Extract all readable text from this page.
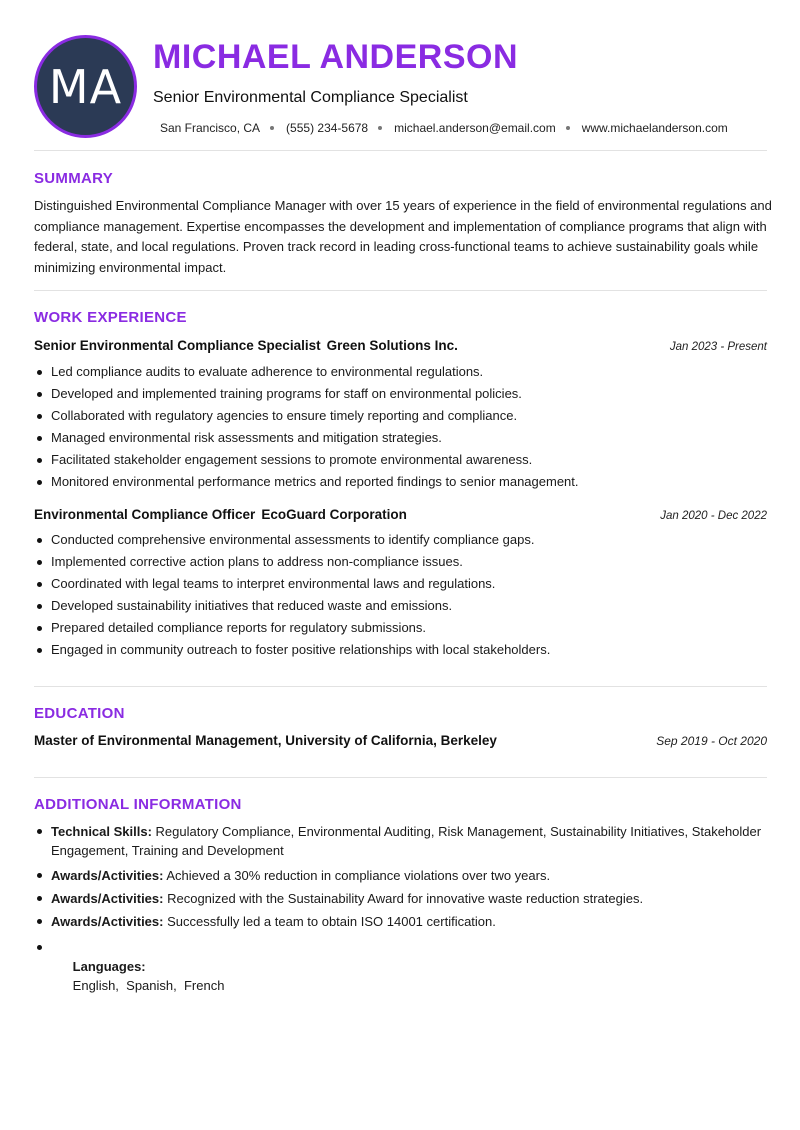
MA
MICHAEL ANDERSON
Senior Environmental Compliance Specialist
San Francisco, CA (555) 234-5678 michael.anderson@email.com www.michaelanderson.com
SUMMARY
Distinguished Environmental Compliance Manager with over 15 years of experience in the field of environmental regulations and compliance management. Expertise encompasses the development and implementation of compliance programs that align with federal, state, and local regulations. Proven track record in leading cross-functional teams to achieve sustainability goals while minimizing environmental impact.
WORK EXPERIENCE
Senior Environmental Compliance Specialist Green Solutions Inc.	Jan 2023 - Present
Led compliance audits to evaluate adherence to environmental regulations.
Developed and implemented training programs for staff on environmental policies.
Collaborated with regulatory agencies to ensure timely reporting and compliance.
Managed environmental risk assessments and mitigation strategies.
Facilitated stakeholder engagement sessions to promote environmental awareness.
Monitored environmental performance metrics and reported findings to senior management.
Environmental Compliance Officer EcoGuard Corporation	Jan 2020 - Dec 2022
Conducted comprehensive environmental assessments to identify compliance gaps.
Implemented corrective action plans to address non-compliance issues.
Coordinated with legal teams to interpret environmental laws and regulations.
Developed sustainability initiatives that reduced waste and emissions.
Prepared detailed compliance reports for regulatory submissions.
Engaged in community outreach to foster positive relationships with local stakeholders.
EDUCATION
Master of Environmental Management, University of California, Berkeley	Sep 2019 - Oct 2020
ADDITIONAL INFORMATION
Technical Skills: Regulatory Compliance, Environmental Auditing, Risk Management, Sustainability Initiatives, Stakeholder Engagement, Training and Development
Awards/Activities: Achieved a 30% reduction in compliance violations over two years.
Awards/Activities: Recognized with the Sustainability Award for innovative waste reduction strategies.
Awards/Activities: Successfully led a team to obtain ISO 14001 certification.

Languages:
English,  Spanish,  French
